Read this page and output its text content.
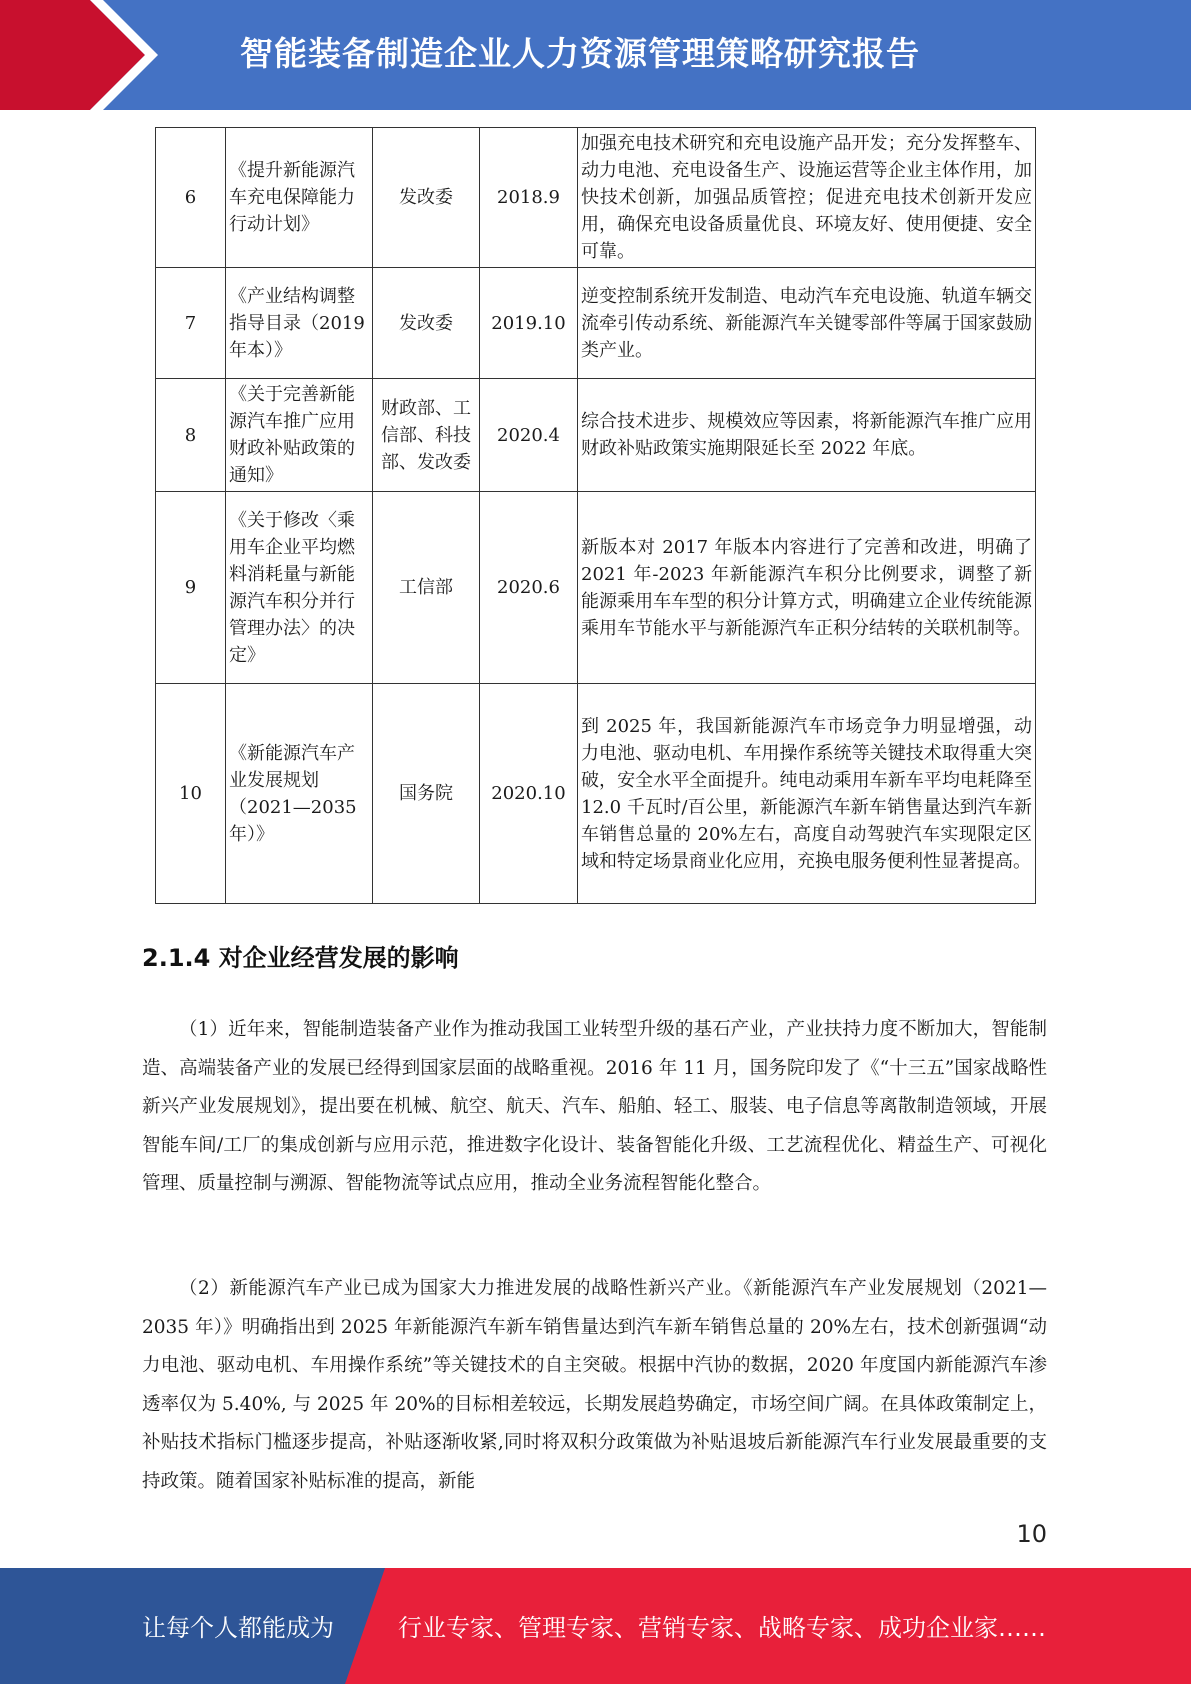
智能装备制造企业人力资源管理策略研究报告
6	《提升新能源汽车充电保障能力行动计划》	发改委	2018.9	加强充电技术研究和充电设施产品开发；充分发挥整车、动力电池、充电设备生产、设施运营等企业主体作用，加快技术创新，加强品质管控；促进充电技术创新开发应用，确保充电设备质量优良、环境友好、使用便捷、安全可靠。
7	《产业结构调整指导目录（2019年本）》	发改委	2019.10	逆变控制系统开发制造、电动汽车充电设施、轨道车辆交流牵引传动系统、新能源汽车关键零部件等属于国家鼓励类产业。
8	《关于完善新能源汽车推广应用财政补贴政策的通知》	财政部、工信部、科技部、发改委	2020.4	综合技术进步、规模效应等因素，将新能源汽车推广应用财政补贴政策实施期限延长至 2022 年底。
9	《关于修改〈乘用车企业平均燃料消耗量与新能源汽车积分并行管理办法〉的决定》	工信部	2020.6	新版本对 2017 年版本内容进行了完善和改进，明确了 2021 年-2023 年新能源汽车积分比例要求，调整了新能源乘用车车型的积分计算方式，明确建立企业传统能源乘用车节能水平与新能源汽车正积分结转的关联机制等。
10	《新能源汽车产业发展规划（2021—2035年）》	国务院	2020.10	到 2025 年，我国新能源汽车市场竞争力明显增强，动力电池、驱动电机、车用操作系统等关键技术取得重大突破，安全水平全面提升。纯电动乘用车新车平均电耗降至 12.0 千瓦时/百公里，新能源汽车新车销售量达到汽车新车销售总量的 20%左右，高度自动驾驶汽车实现限定区域和特定场景商业化应用，充换电服务便利性显著提高。
2.1.4 对企业经营发展的影响

（1）近年来，智能制造装备产业作为推动我国工业转型升级的基石产业，产业扶持力度不断加大，智能制造、高端装备产业的发展已经得到国家层面的战略重视。2016 年 11 月，国务院印发了《“十三五”国家战略性新兴产业发展规划》，提出要在机械、航空、航天、汽车、船舶、轻工、服装、电子信息等离散制造领域，开展智能车间/工厂的集成创新与应用示范，推进数字化设计、装备智能化升级、工艺流程优化、精益生产、可视化管理、质量控制与溯源、智能物流等试点应用，推动全业务流程智能化整合。

（2）新能源汽车产业已成为国家大力推进发展的战略性新兴产业。《新能源汽车产业发展规划（2021—2035 年）》明确指出到 2025 年新能源汽车新车销售量达到汽车新车销售总量的 20%左右，技术创新强调“动力电池、驱动电机、车用操作系统”等关键技术的自主突破。根据中汽协的数据，2020 年度国内新能源汽车渗透率仅为 5.40%, 与 2025 年 20%的目标相差较远，长期发展趋势确定，市场空间广阔。在具体政策制定上，补贴技术指标门槛逐步提高，补贴逐渐收紧,同时将双积分政策做为补贴退坡后新能源汽车行业发展最重要的支持政策。随着国家补贴标准的提高，新能

10
让每个人都能成为	行业专家、管理专家、营销专家、战略专家、成功企业家……
